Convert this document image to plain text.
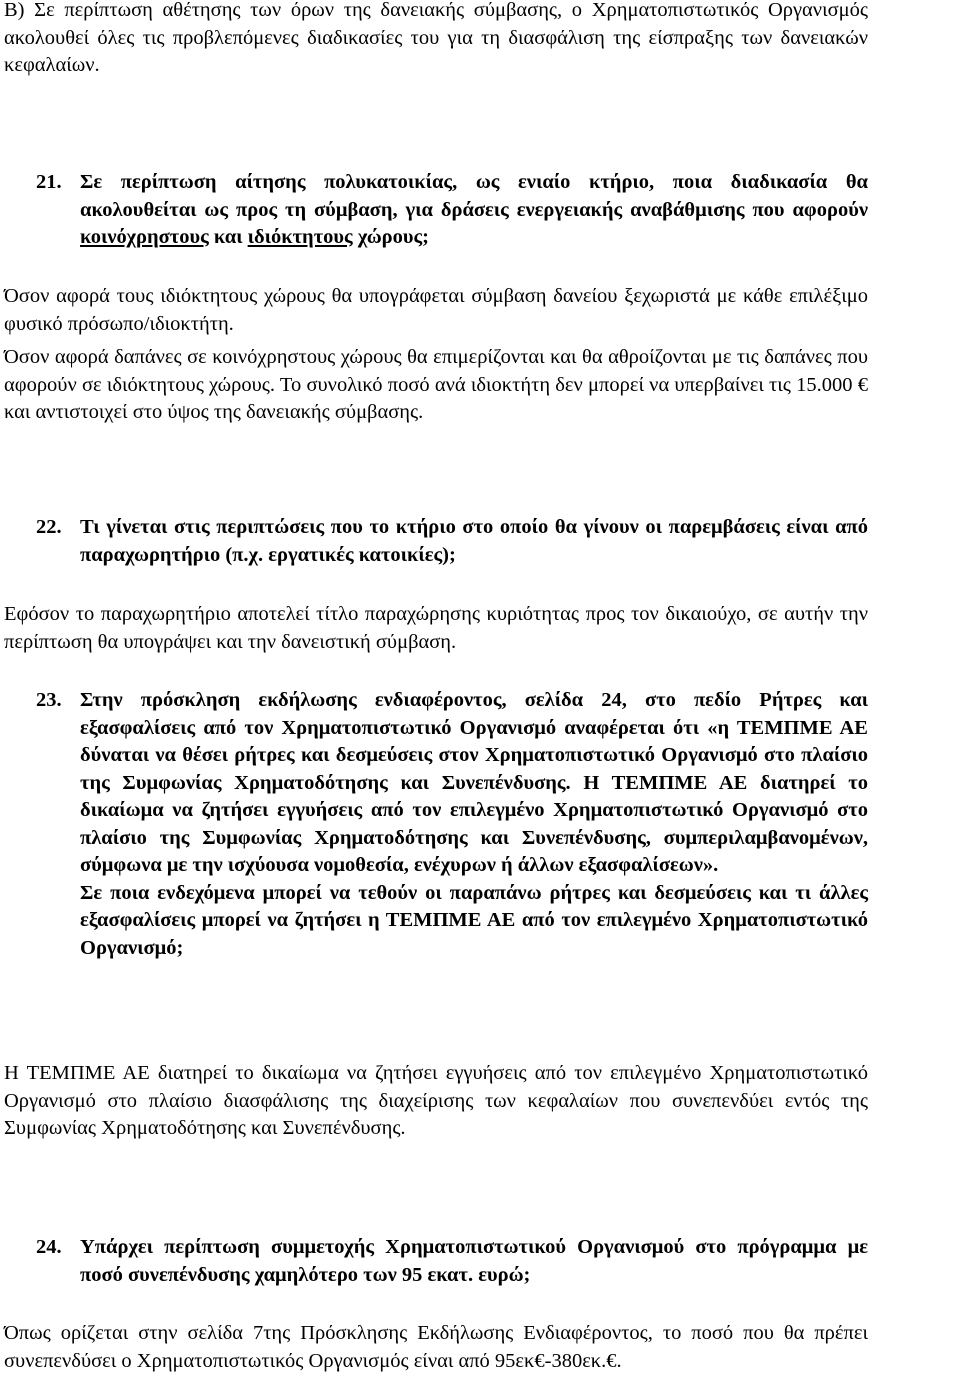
Β) Σε περίπτωση αθέτησης των όρων της δανειακής σύμβασης, ο Χρηματοπιστωτικός Οργανισμός ακολουθεί όλες τις προβλεπόμενες διαδικασίες του για τη διασφάλιση της είσπραξης των δανειακών κεφαλαίων.

21. Σε περίπτωση αίτησης πολυκατοικίας, ως ενιαίο κτήριο, ποια διαδικασία θα ακολουθείται ως προς τη σύμβαση, για δράσεις ενεργειακής αναβάθμισης που αφορούν κοινόχρηστους και ιδιόκτητους χώρους;

Όσον αφορά τους ιδιόκτητους χώρους θα υπογράφεται σύμβαση δανείου ξεχωριστά με κάθε επιλέξιμο φυσικό πρόσωπο/ιδιοκτήτη.

Όσον αφορά δαπάνες σε κοινόχρηστους χώρους θα επιμερίζονται και θα αθροίζονται με τις δαπάνες που αφορούν σε ιδιόκτητους χώρους. Το συνολικό ποσό ανά ιδιοκτήτη δεν μπορεί να υπερβαίνει τις 15.000 € και αντιστοιχεί στο ύψος της δανειακής σύμβασης.

22. Τι γίνεται στις περιπτώσεις που το κτήριο στο οποίο θα γίνουν οι παρεμβάσεις είναι από παραχωρητήριο (π.χ. εργατικές κατοικίες);

Εφόσον το παραχωρητήριο αποτελεί τίτλο παραχώρησης κυριότητας προς τον δικαιούχο, σε αυτήν την περίπτωση θα υπογράψει και την δανειστική σύμβαση.

23. Στην πρόσκληση εκδήλωσης ενδιαφέροντος, σελίδα 24, στο πεδίο Ρήτρες και εξασφαλίσεις από τον Χρηματοπιστωτικό Οργανισμό αναφέρεται ότι «η ΤΕΜΠΜΕ ΑΕ δύναται να θέσει ρήτρες και δεσμεύσεις στον Χρηματοπιστωτικό Οργανισμό στο πλαίσιο της Συμφωνίας Χρηματοδότησης και Συνεπένδυσης. Η ΤΕΜΠΜΕ ΑΕ διατηρεί το δικαίωμα να ζητήσει εγγυήσεις από τον επιλεγμένο Χρηματοπιστωτικό Οργανισμό στο πλαίσιο της Συμφωνίας Χρηματοδότησης και Συνεπένδυσης, συμπεριλαμβανομένων, σύμφωνα με την ισχύουσα νομοθεσία, ενέχυρων ή άλλων εξασφαλίσεων».
Σε ποια ενδεχόμενα μπορεί να τεθούν οι παραπάνω ρήτρες και δεσμεύσεις και τι άλλες εξασφαλίσεις μπορεί να ζητήσει η ΤΕΜΠΜΕ ΑΕ από τον επιλεγμένο Χρηματοπιστωτικό Οργανισμό;

Η ΤΕΜΠΜΕ ΑΕ διατηρεί το δικαίωμα να ζητήσει εγγυήσεις από τον επιλεγμένο Χρηματοπιστωτικό Οργανισμό στο πλαίσιο διασφάλισης της διαχείρισης των κεφαλαίων που συνεπενδύει εντός της Συμφωνίας Χρηματοδότησης και Συνεπένδυσης.

24. Υπάρχει περίπτωση συμμετοχής Χρηματοπιστωτικού Οργανισμού στο πρόγραμμα με ποσό συνεπένδυσης χαμηλότερο των 95 εκατ. ευρώ;

Όπως ορίζεται στην σελίδα 7της Πρόσκλησης Εκδήλωσης Ενδιαφέροντος, το ποσό που θα πρέπει συνεπενδύσει ο Χρηματοπιστωτικός Οργανισμός είναι από 95εκ€-380εκ.€.
